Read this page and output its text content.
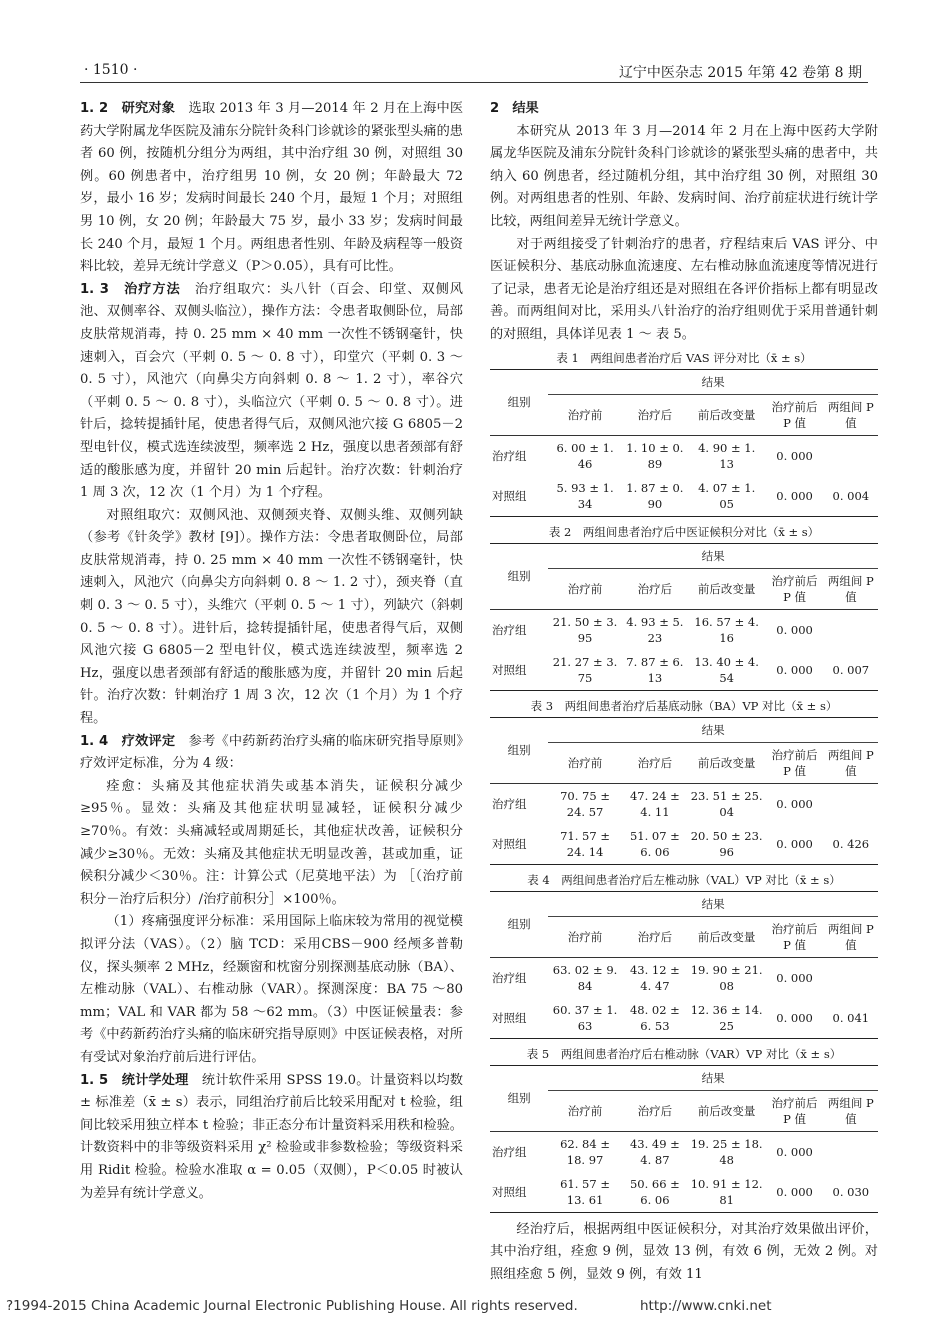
· 1510 ·	辽宁中医杂志 2015 年第 42 卷第 8 期

1. 2　研究对象　选取 2013 年 3 月—2014 年 2 月在上海中医药大学附属龙华医院及浦东分院针灸科门诊就诊的紧张型头痛的患者 60 例，按随机分组分为两组，其中治疗组 30 例，对照组 30 例。60 例患者中，治疗组男 10 例，女 20 例；年龄最大 72 岁，最小 16 岁；发病时间最长 240 个月，最短 1 个月；对照组男 10 例，女 20 例；年龄最大 75 岁，最小 33 岁；发病时间最长 240 个月，最短 1 个月。两组患者性别、年龄及病程等一般资料比较，差异无统计学意义（P＞0.05），具有可比性。

1. 3　治疗方法　治疗组取穴：头八针（百会、印堂、双侧风池、双侧率谷、双侧头临泣），操作方法：令患者取侧卧位，局部皮肤常规消毒，持 0. 25 mm × 40 mm 一次性不锈钢毫针，快速刺入，百会穴（平刺 0. 5 ～ 0. 8 寸），印堂穴（平刺 0. 3 ～ 0. 5 寸），风池穴（向鼻尖方向斜刺 0. 8 ～ 1. 2 寸），率谷穴（平刺 0. 5 ～ 0. 8 寸），头临泣穴（平刺 0. 5 ～ 0. 8 寸）。进针后，捻转提插针尾，使患者得气后，双侧风池穴接 G 6805－2 型电针仪，模式选连续波型，频率选 2 Hz，强度以患者颈部有舒适的酸胀感为度，并留针 20 min 后起针。治疗次数：针刺治疗 1 周 3 次，12 次（1 个月）为 1 个疗程。

对照组取穴：双侧风池、双侧颈夹脊、双侧头维、双侧列缺（参考《针灸学》教材 [9]）。操作方法：令患者取侧卧位，局部皮肤常规消毒，持 0. 25 mm × 40 mm 一次性不锈钢毫针，快速刺入，风池穴（向鼻尖方向斜刺 0. 8 ～ 1. 2 寸），颈夹脊（直刺 0. 3 ～ 0. 5 寸），头维穴（平刺 0. 5 ～ 1 寸），列缺穴（斜刺 0. 5 ～ 0. 8 寸）。进针后，捻转提插针尾，使患者得气后，双侧风池穴接 G 6805－2 型电针仪，模式选连续波型，频率选 2 Hz，强度以患者颈部有舒适的酸胀感为度，并留针 20 min 后起针。治疗次数：针刺治疗 1 周 3 次，12 次（1 个月）为 1 个疗程。

1. 4　疗效评定　参考《中药新药治疗头痛的临床研究指导原则》疗效评定标准，分为 4 级：

痊愈：头痛及其他症状消失或基本消失，证候积分减少≥95％。显效：头痛及其他症状明显减轻，证候积分减少≥70％。有效：头痛减轻或周期延长，其他症状改善，证候积分减少≥30％。无效：头痛及其他症状无明显改善，甚或加重，证候积分减少＜30％。注：计算公式（尼莫地平法）为 ［（治疗前积分－治疗后积分）/治疗前积分］×100％。

（1）疼痛强度评分标准：采用国际上临床较为常用的视觉模拟评分法（VAS）。（2）脑 TCD：采用CBS－900 经颅多普勒仪，探头频率 2 MHz，经颞窗和枕窗分别探测基底动脉（BA）、左椎动脉（VAL）、右椎动脉（VAR）。探测深度：BA 75 ～80 mm；VAL 和 VAR 都为 58 ～62 mm。（3）中医证候量表：参考《中药新药治疗头痛的临床研究指导原则》中医证候表格，对所有受试对象治疗前后进行评估。

1. 5　统计学处理　统计软件采用 SPSS 19.0。计量资料以均数 ± 标准差（x̄ ± s）表示，同组治疗前后比较采用配对 t 检验，组间比较采用独立样本 t 检验；非正态分布计量资料采用秩和检验。计数资料中的非等级资料采用 χ² 检验或非参数检验；等级资料采用 Ridit 检验。检验水准取 α = 0.05（双侧），P＜0.05 时被认为差异有统计学意义。

2　结果

本研究从 2013 年 3 月—2014 年 2 月在上海中医药大学附属龙华医院及浦东分院针灸科门诊就诊的紧张型头痛的患者中，共纳入 60 例患者，经过随机分组，其中治疗组 30 例，对照组 30 例。对两组患者的性别、年龄、发病时间、治疗前症状进行统计学比较，两组间差异无统计学意义。

对于两组接受了针刺治疗的患者，疗程结束后 VAS 评分、中医证候积分、基底动脉血流速度、左右椎动脉血流速度等情况进行了记录，患者无论是治疗组还是对照组在各评价指标上都有明显改善。而两组间对比，采用头八针治疗的治疗组则优于采用普通针刺的对照组，具体详见表 1 ～ 表 5。

表 1　两组间患者治疗后 VAS 评分对比（x̄ ± s）
组别	结果				
	治疗前	治疗后	前后改变量	治疗前后 P 值	两组间 P 值
治疗组	6. 00 ± 1. 46	1. 10 ± 0. 89	4. 90 ± 1. 13	0. 000	
对照组	5. 93 ± 1. 34	1. 87 ± 0. 90	4. 07 ± 1. 05	0. 000	0. 004
表 2　两组间患者治疗后中医证候积分对比（x̄ ± s）
组别	结果				
	治疗前	治疗后	前后改变量	治疗前后 P 值	两组间 P 值
治疗组	21. 50 ± 3. 95	4. 93 ± 5. 23	16. 57 ± 4. 16	0. 000	
对照组	21. 27 ± 3. 75	7. 87 ± 6. 13	13. 40 ± 4. 54	0. 000	0. 007
表 3　两组间患者治疗后基底动脉（BA）VP 对比（x̄ ± s）
组别	结果				
	治疗前	治疗后	前后改变量	治疗前后 P 值	两组间 P 值
治疗组	70. 75 ± 24. 57	47. 24 ± 4. 11	23. 51 ± 25. 04	0. 000	
对照组	71. 57 ± 24. 14	51. 07 ± 6. 06	20. 50 ± 23. 96	0. 000	0. 426
表 4　两组间患者治疗后左椎动脉（VAL）VP 对比（x̄ ± s）
组别	结果				
	治疗前	治疗后	前后改变量	治疗前后 P 值	两组间 P 值
治疗组	63. 02 ± 9. 84	43. 12 ± 4. 47	19. 90 ± 21. 08	0. 000	
对照组	60. 37 ± 1. 63	48. 02 ± 6. 53	12. 36 ± 14. 25	0. 000	0. 041
表 5　两组间患者治疗后右椎动脉（VAR）VP 对比（x̄ ± s）
组别	结果				
	治疗前	治疗后	前后改变量	治疗前后 P 值	两组间 P 值
治疗组	62. 84 ± 18. 97	43. 49 ± 4. 87	19. 25 ± 18. 48	0. 000	
对照组	61. 57 ± 13. 61	50. 66 ± 6. 06	10. 91 ± 12. 81	0. 000	0. 030

经治疗后，根据两组中医证候积分，对其治疗效果做出评价，其中治疗组，痊愈 9 例，显效 13 例，有效 6 例，无效 2 例。对照组痊愈 5 例，显效 9 例，有效 11

?1994-2015 China Academic Journal Electronic Publishing House. All rights reserved.	http://www.cnki.net
